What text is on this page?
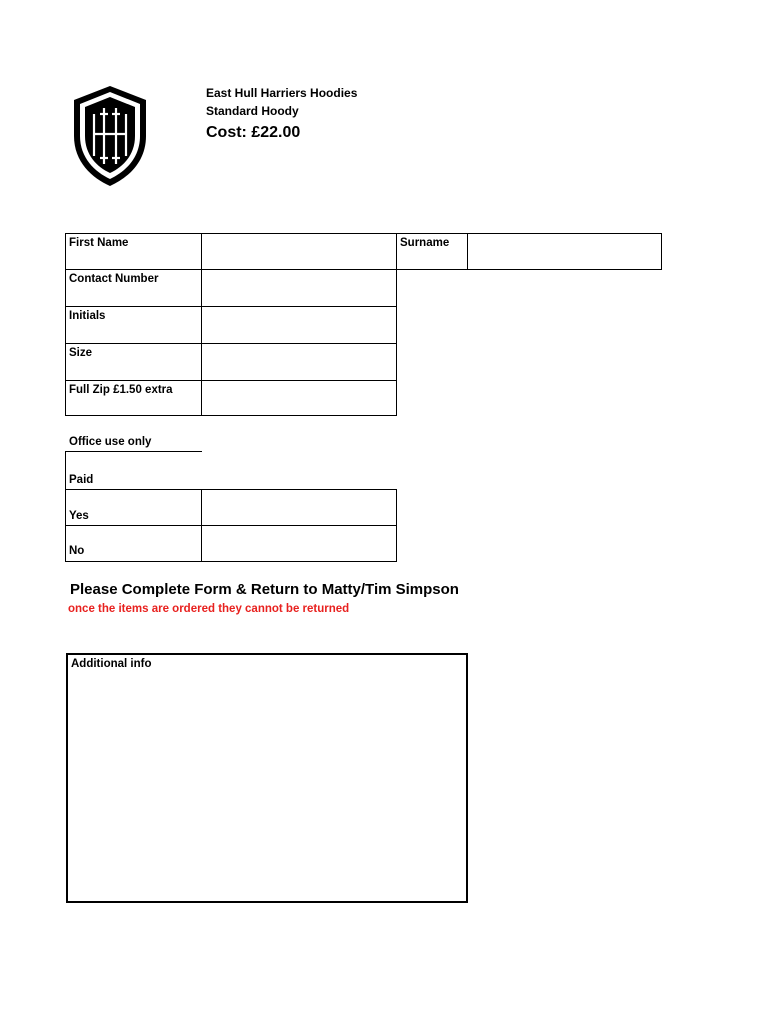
East Hull Harriers Hoodies
Standard Hoody
Cost: £22.00
First Name	Surname
Contact Number
Initials
Size
Full Zip £1.50 extra
Office use only
Paid
Yes
No
Please Complete Form & Return to Matty/Tim Simpson
once the items are ordered they cannot be returned
Additional info
